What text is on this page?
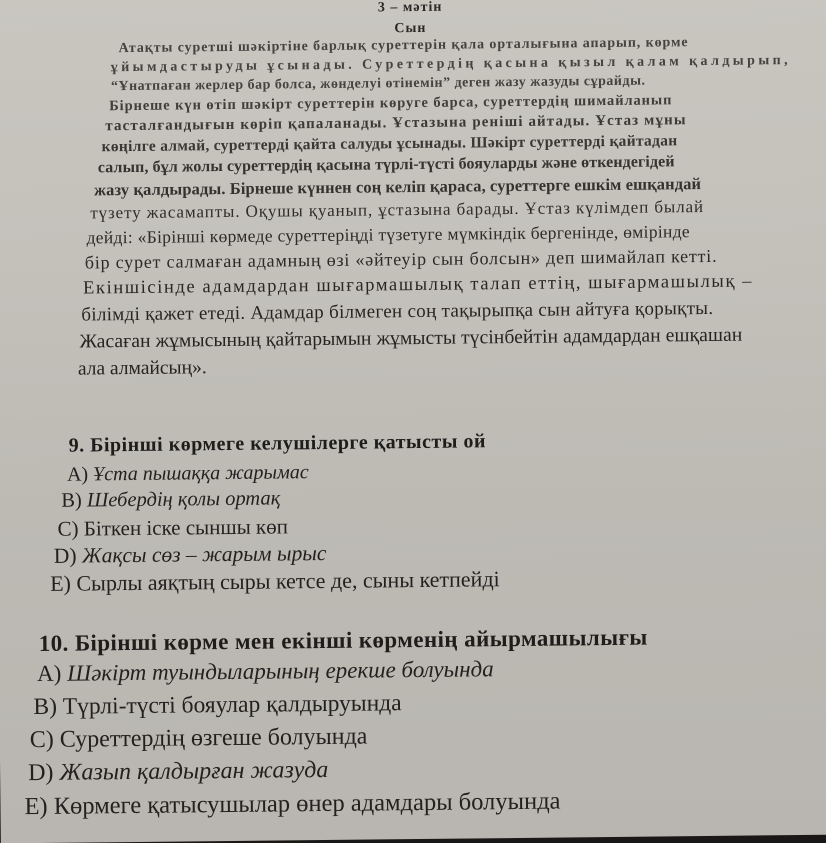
3 – мәтін
Сын
Атақты суретші шәкіртіне барлық суреттерін қала орталығына апарып, көрме
ұйымдастыруды ұсынады. Суреттердің қасына қызыл қалам қалдырып,
“Ұнатпаған жерлер бар болса, жөнделуі өтінемін” деген жазу жазуды сұрайды.
Бірнеше күн өтіп шәкірт суреттерін көруге барса, суреттердің шимайланып
тасталғандығын көріп қапаланады. Ұстазына реніші айтады. Ұстаз мұны
көңілге алмай, суреттерді қайта салуды ұсынады. Шәкірт суреттерді қайтадан
салып, бұл жолы суреттердің қасына түрлі-түсті бояуларды және өткендегідей
жазу қалдырады. Бірнеше күннен соң келіп қараса, суреттерге ешкім ешқандай
түзету жасамапты. Оқушы қуанып, ұстазына барады. Ұстаз күлімдеп былай
дейді: «Бірінші көрмеде суреттеріңді түзетуге мүмкіндік бергенінде, өмірінде
бір сурет салмаған адамның өзі «әйтеуір сын болсын» деп шимайлап кетті.
Екіншісінде адамдардан шығармашылық талап еттің, шығармашылық –
білімді қажет етеді. Адамдар білмеген соң тақырыпқа сын айтуға қорықты.
Жасаған жұмысының қайтарымын жұмысты түсінбейтін адамдардан ешқашан
ала алмайсың».
9. Бірінші көрмеге келушілерге қатысты ой
A) Ұста пышаққа жарымас
B) Шебердің қолы ортақ
C) Біткен іске сыншы көп
D) Жақсы сөз – жарым ырыс
E) Сырлы аяқтың сыры кетсе де, сыны кетпейді
10. Бірінші көрме мен екінші көрменің айырмашылығы
A) Шәкірт туындыларының ерекше болуында
B) Түрлі-түсті бояулар қалдыруында
C) Суреттердің өзгеше болуында
D) Жазып қалдырған жазуда
E) Көрмеге қатысушылар өнер адамдары болуында
